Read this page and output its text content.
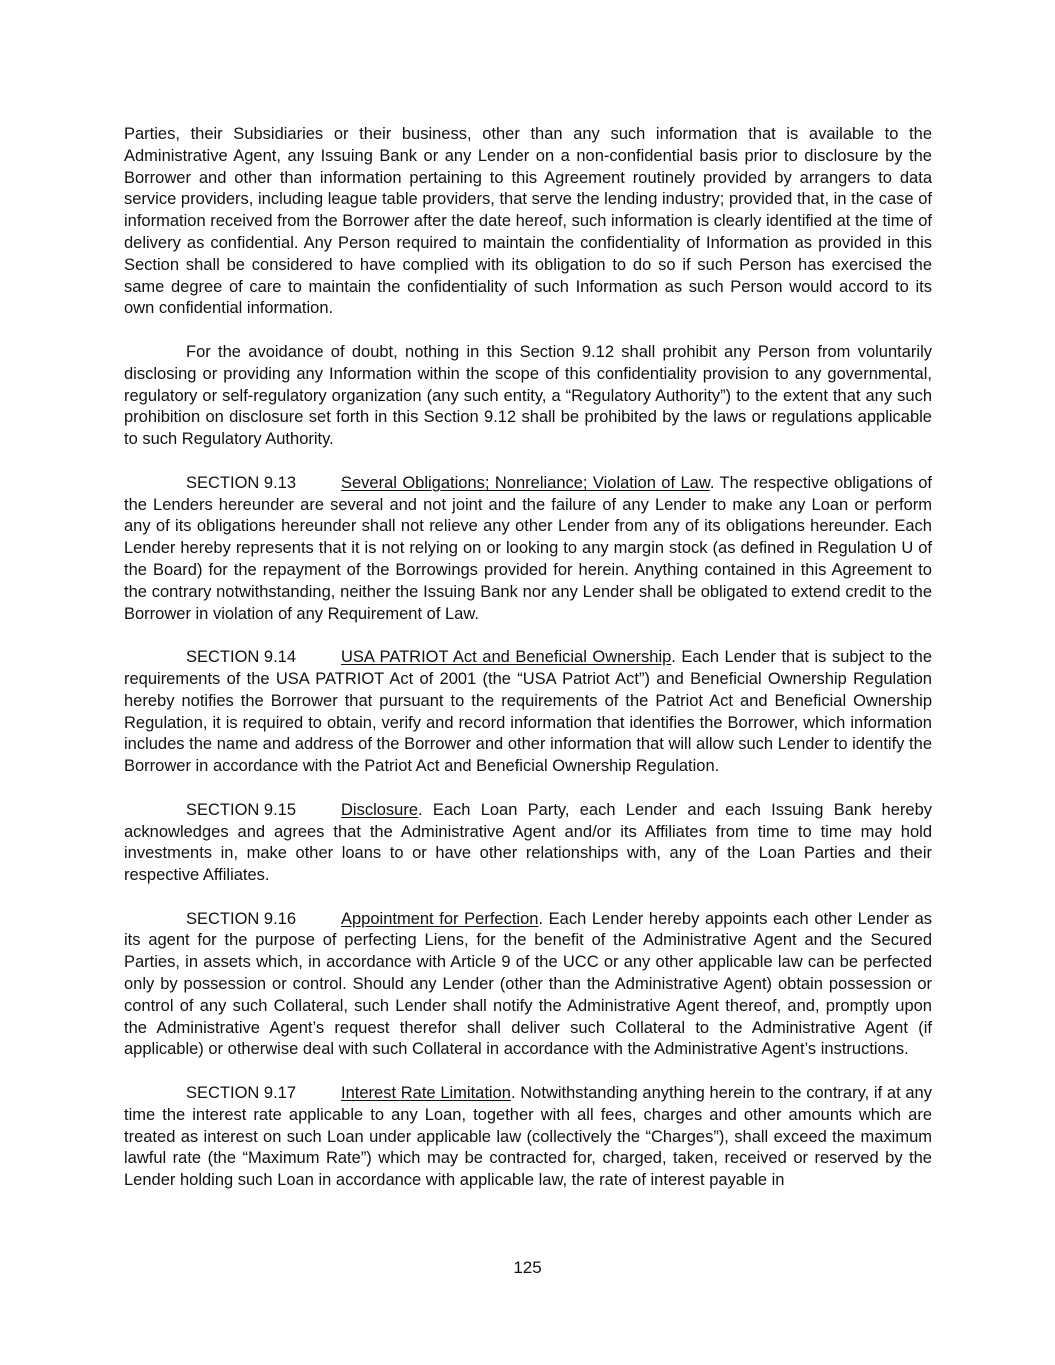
Parties, their Subsidiaries or their business, other than any such information that is available to the Administrative Agent, any Issuing Bank or any Lender on a non-confidential basis prior to disclosure by the Borrower and other than information pertaining to this Agreement routinely provided by arrangers to data service providers, including league table providers, that serve the lending industry; provided that, in the case of information received from the Borrower after the date hereof, such information is clearly identified at the time of delivery as confidential. Any Person required to maintain the confidentiality of Information as provided in this Section shall be considered to have complied with its obligation to do so if such Person has exercised the same degree of care to maintain the confidentiality of such Information as such Person would accord to its own confidential information.

For the avoidance of doubt, nothing in this Section 9.12 shall prohibit any Person from voluntarily disclosing or providing any Information within the scope of this confidentiality provision to any governmental, regulatory or self-regulatory organization (any such entity, a “Regulatory Authority”) to the extent that any such prohibition on disclosure set forth in this Section 9.12 shall be prohibited by the laws or regulations applicable to such Regulatory Authority.

SECTION 9.13	Several Obligations; Nonreliance; Violation of Law. The respective obligations of the Lenders hereunder are several and not joint and the failure of any Lender to make any Loan or perform any of its obligations hereunder shall not relieve any other Lender from any of its obligations hereunder. Each Lender hereby represents that it is not relying on or looking to any margin stock (as defined in Regulation U of the Board) for the repayment of the Borrowings provided for herein. Anything contained in this Agreement to the contrary notwithstanding, neither the Issuing Bank nor any Lender shall be obligated to extend credit to the Borrower in violation of any Requirement of Law.

SECTION 9.14	USA PATRIOT Act and Beneficial Ownership. Each Lender that is subject to the requirements of the USA PATRIOT Act of 2001 (the “USA Patriot Act”) and Beneficial Ownership Regulation hereby notifies the Borrower that pursuant to the requirements of the Patriot Act and Beneficial Ownership Regulation, it is required to obtain, verify and record information that identifies the Borrower, which information includes the name and address of the Borrower and other information that will allow such Lender to identify the Borrower in accordance with the Patriot Act and Beneficial Ownership Regulation.

SECTION 9.15	Disclosure. Each Loan Party, each Lender and each Issuing Bank hereby acknowledges and agrees that the Administrative Agent and/or its Affiliates from time to time may hold investments in, make other loans to or have other relationships with, any of the Loan Parties and their respective Affiliates.

SECTION 9.16	Appointment for Perfection. Each Lender hereby appoints each other Lender as its agent for the purpose of perfecting Liens, for the benefit of the Administrative Agent and the Secured Parties, in assets which, in accordance with Article 9 of the UCC or any other applicable law can be perfected only by possession or control. Should any Lender (other than the Administrative Agent) obtain possession or control of any such Collateral, such Lender shall notify the Administrative Agent thereof, and, promptly upon the Administrative Agent’s request therefor shall deliver such Collateral to the Administrative Agent (if applicable) or otherwise deal with such Collateral in accordance with the Administrative Agent’s instructions.

SECTION 9.17	Interest Rate Limitation. Notwithstanding anything herein to the contrary, if at any time the interest rate applicable to any Loan, together with all fees, charges and other amounts which are treated as interest on such Loan under applicable law (collectively the “Charges”), shall exceed the maximum lawful rate (the “Maximum Rate”) which may be contracted for, charged, taken, received or reserved by the Lender holding such Loan in accordance with applicable law, the rate of interest payable in

125
